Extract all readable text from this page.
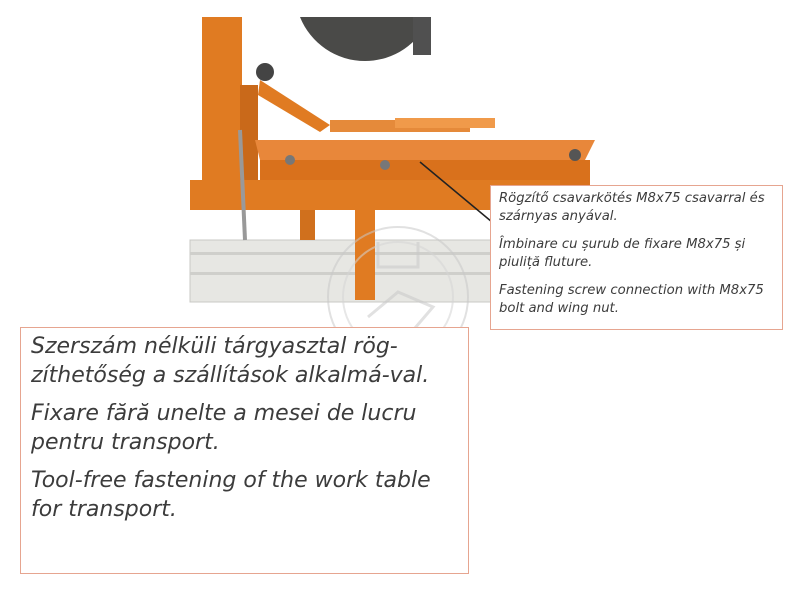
Rögzítő csavarkötés M8x75 csavarral és szárnyas anyával.

Îmbinare cu șurub de fixare M8x75 și piuliță fluture.

Fastening screw connection with M8x75 bolt and wing nut.

Szerszám nélküli tárgyasztal rög-zíthetőség a szállítások alkalmá-val.

Fixare fără unelte a mesei de lucru pentru transport.

Tool-free fastening of the work table for transport.
